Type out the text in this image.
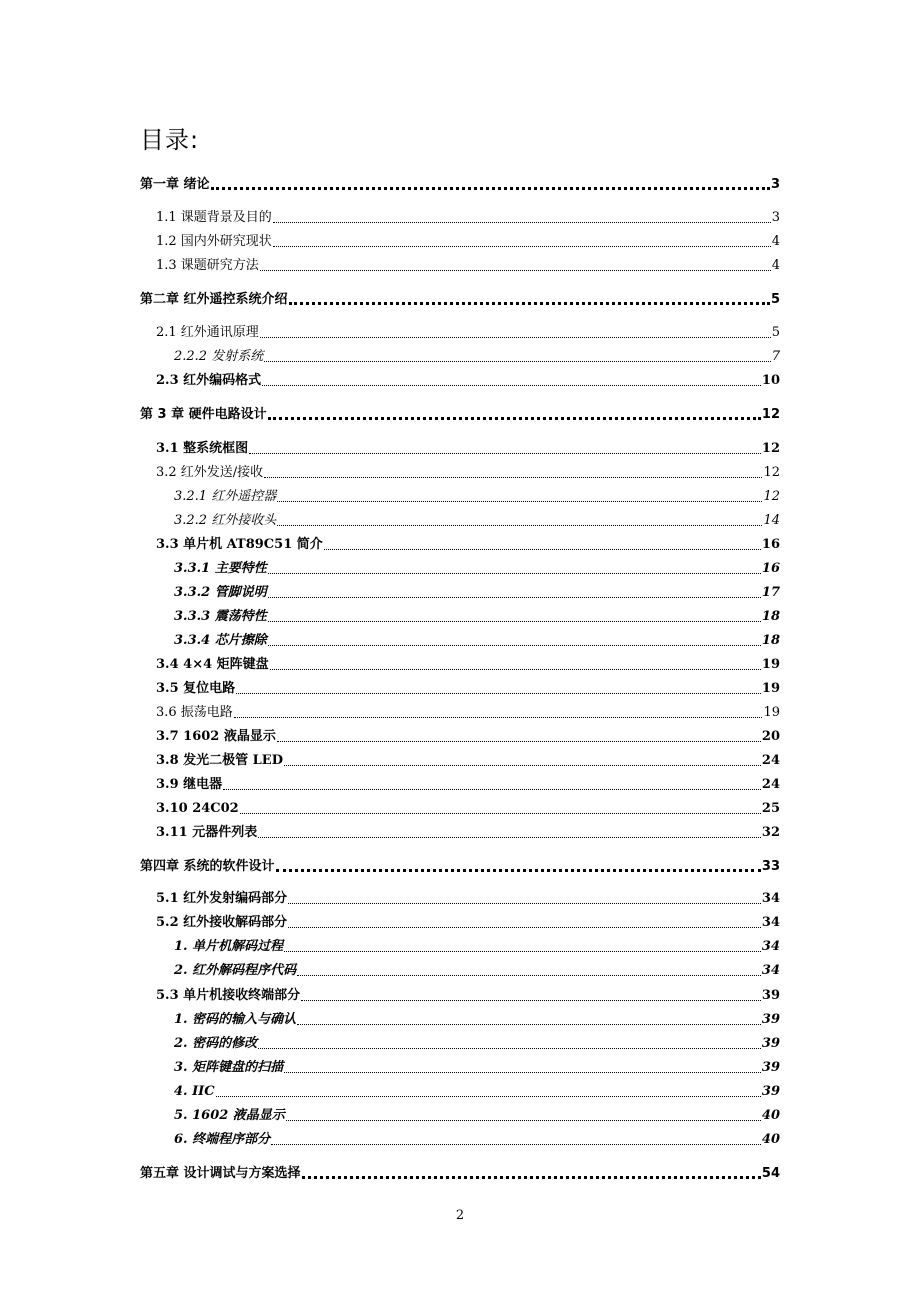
目录:
第一章 绪论	3
1.1 课题背景及目的	3
1.2 国内外研究现状	4
1.3 课题研究方法	4
第二章 红外遥控系统介绍	5
2.1 红外通讯原理	5
2.2.2 发射系统	7
2.3 红外编码格式	10
第 3 章 硬件电路设计	12
3.1 整系统框图	12
3.2 红外发送/接收	12
3.2.1 红外遥控器	12
3.2.2 红外接收头	14
3.3 单片机 AT89C51 简介	16
3.3.1 主要特性	16
3.3.2 管脚说明	17
3.3.3 震荡特性	18
3.3.4 芯片擦除	18
3.4 4×4 矩阵键盘	19
3.5 复位电路	19
3.6 振荡电路	19
3.7 1602 液晶显示	20
3.8 发光二极管 LED	24
3.9 继电器	24
3.10 24C02	25
3.11 元器件列表	32
第四章 系统的软件设计	33
5.1 红外发射编码部分	34
5.2 红外接收解码部分	34
1. 单片机解码过程	34
2. 红外解码程序代码	34
5.3 单片机接收终端部分	39
1. 密码的输入与确认	39
2. 密码的修改	39
3. 矩阵键盘的扫描	39
4. IIC	39
5. 1602 液晶显示	40
6. 终端程序部分	40
第五章 设计调试与方案选择	54
2
